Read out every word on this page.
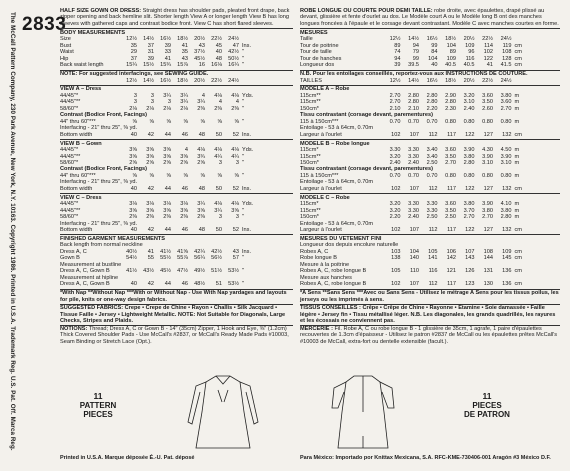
The McCall Pattern Company, 230 Park Avenue, New York, N.Y. 10163. Copyright 1986. Printed in U.S.A. Trademark Reg. U.S. Pat. Off. Marca Reg. 2833
HALF SIZE GOWN OR DRESS: Straight dress has shoulder pads, pleated front drape, back zipper opening and back hemline slit. Shorter length View A or longer length View B has long sleeves with gathered caps and contrast bodice front. View C has short flared sleeves.
BODY MEASUREMENTS
Size	12½	14½	16½	18½	20½	22½	24½
Bust	35	37	39	41	43	45	47 Ins.
Waist	29	31	33	35	37½	40	42½ "
Hip	37	39	41	43	45½	48	50½ "
Back waist length	15¼	15½	15¾	15⅞	16	16⅛	16¼ "
NOTE: For suggested interfacings, see SEWING GUIDE.
12½	14½	16½	18½	20½	22½	24½
VIEW A – Dress
44/45"*	3	3	3¼	3¼	4	4⅛	4⅛ Yds.
44/45"**	3	3	3	3¼	3¼	4	4 "
58/60"*	2⅛	2⅛	2⅛	2⅛	2⅜	2⅜	2⅜ "
Contrast (Bodice Front, Facings)
44" thru 60"***	⅝	⅝	⅝	⅝	⅝	⅝	⅝ "
Interfacing - 21" thru 25", ⅜ yd.
Bottom width	40	42	44	46	48	50	52 Ins.
VIEW B – Gown
44/45"*	3⅝	3⅝	3⅝	4	4⅛	4⅛	4⅛ Yds.
44/45"**	3⅝	3⅝	3⅝	3⅝	3¾	4¼	4¼ "
58/60"*	2⅝	2⅝	2⅝	2⅝	2⅝	3	3 "
Contrast (Bodice Front, Facings)
44" thru 60"***	⅝	⅝	⅝	⅝	⅝	⅝	⅝ "
Interfacing - 21" thru 25", ⅜ yd.
Bottom width	40	42	44	46	48	50	52 Ins.
VIEW C – Dress
44/45"*	3⅛	3⅛	3⅛	3⅛	3¼	4⅛	4⅛ Yds.
44/45"**	3⅝	3⅝	3⅝	3⅝	3⅝	3¼	3⅝ "
58/60"*	2⅜	2⅜	2⅜	2⅜	2⅜	3	3 "
Interfacing - 21" thru 25", ⅜ yd.
Bottom width	40	42	44	46	48	50	52 Ins.
FINISHED GARMENT MEASUREMENTS
Back length from normal neckline
Dress A, C	40½	41	41½	41⅝	42¼	42½	43 Ins.
Gown B	54½	55	55½	55⅞	56¼	56½	57 "
Measurement at bustline
Dress A, C, Gown B	41½	43½	45½	47½	49½	51½	53½ "
Measurement at hipline
Dress A, C, Gown B	40	42	44	46	48½	51	53½ "
*With Nap **Without Nap ***With or Without Nap - Use With Nap yardages and layouts for pile, knits or one-way design fabrics.
SUGGESTED FABRICS: Crepe • Crepe de Chine • Rayon • Challis • Silk Jacquard • Tissue Faille • Jersey • Lightweight Metallic. NOTE: Not Suitable for Diagonals, Large Checks, Stripes and Plaids.
NOTIONS: Thread; Dress A, C or Gown B - 14" (35cm) Zipper, 1 Hook and Eye, ⅜" (1.2cm) Thick Covered Shoulder Pads - Use McCall's #2837, or McCall's Ready Made Pads #10003, Seam Binding or Stretch Lace (Opt.).
ROBE LONGUE OU COURTE POUR DEMI TAILLE: robe droite, avec épaulettes, drapé plissé au devant, glissière et fente d'ourlet au dos. Le Modèle court A ou le Modèle long B ont des manches longues froncées à l'épaule et le corsage devant contrastant. Modèle C avec manches courtes en forme.
MESURES
Taille	12½	14½	16½	18½	20½	22½	24½
Tour de poitrine	89	94	99	104	109	114	119 cm
Tour de taille	74	79	84	89	96	102	108 cm
Tour de hanches	94	99	104	109	116	122	128 cm
Longueur dos	39	39.5	40	40.5	40.5	41	41.5 cm
N.B. Pour les entoilages conseillés, reportez-vous aux INSTRUCTIONS DE COUTURE.
TAILLES	12½	14½	16½	18½	20½	22½	24½
MODELE A – Robe
115cm**	2.70	2.80	2.80	2.90	3.20	3.60	3.80 m
115cm**	2.70	2.80	2.80	2.80	3.10	3.50	3.60 m
150cm*	2.10	2.10	2.20	2.30	2.40	2.60	2.70 m
Tissu contrastant (corsage devant, parementures)
115 à 150cm***	0.70	0.70	0.70	0.80	0.80	0.80	0.80 m
Entoilage - 53 à 64cm, 0.70m
Largeur à l'ourlet	102	107	112	117	122	127	132 cm
MODELE B – Robe longue
115cm*	3.30	3.30	3.40	3.60	3.90	4.30	4.50 m
115cm**	3.20	3.30	3.40	3.50	3.80	3.90	3.90 m
150cm*	2.40	2.40	2.50	2.70	2.80	3.10	3.10 m
Tissu contrastant (corsage devant, parementures)
115 à 150cm***	0.70	0.70	0.70	0.80	0.80	0.80	0.80 m
Entoilage - 53 à 64cm, 0.70m
Largeur à l'ourlet	102	107	112	117	122	127	132 cm
MODELE C – Robe
115cm*	3.20	3.30	3.30	3.60	3.80	3.90	4.10 m
115cm**	3.20	3.30	3.30	3.50	3.70	3.80	3.80 m
150cm*	2.20	2.40	2.50	2.50	2.70	2.70	2.80 m
Entoilage - 53 à 64cm, 0.70m
Largeur à l'ourlet	102	107	112	117	122	127	132 cm
MESURES DU VETEMENT FINI
Longueur dos depuis encolure naturelle
Robes A, C	103	104	105	106	107	108	109 cm
Robe longue B	138	140	141	142	143	144	145 cm
Mesure à la poitrine
Robes A, C, robe longue B	105	110	116	121	126	131	136 cm
Mesure aux hanches
Robes A, C, robe longue B	102	107	112	117	123	130	136 cm
*A Sens **Sans Sens ***Avec ou Sans Sens - Utilisez le métrage A Sens pour les tissus poilus, les jerseys ou les imprimés à sens.
TISSUS CONSEILLES : Crêpe • Crêpe de Chine • Rayonne • Étamine • Soie damassée • Faille légère • Jersey fin • Tissu métallisé léger. N.B. Les diagonales, les grands quadrillés, les rayures et les écossais ne conviennent pas.
MERCERIE : Fil. Robe A, C ou robe longue B - 1 glissière de 35cm, 1 agrafe, 1 paire d'épaulettes recouvertes de 1.3cm d'épaisseur - Utilisez le patron #2837 de McCall ou les épaulettes prêtes McCall's #10003 de McCall, extra-fort ou dentelle extensible (facult.).
11
PATTERN
PIECES
11
PIECES
DE PATRON
Printed in U.S.A. Marque déposée É.-U. Pat. déposé	Para México: Importado por Knittax Mexicana, S.A. RFC-KME-730406-001 Aragón #3 México D.F.
